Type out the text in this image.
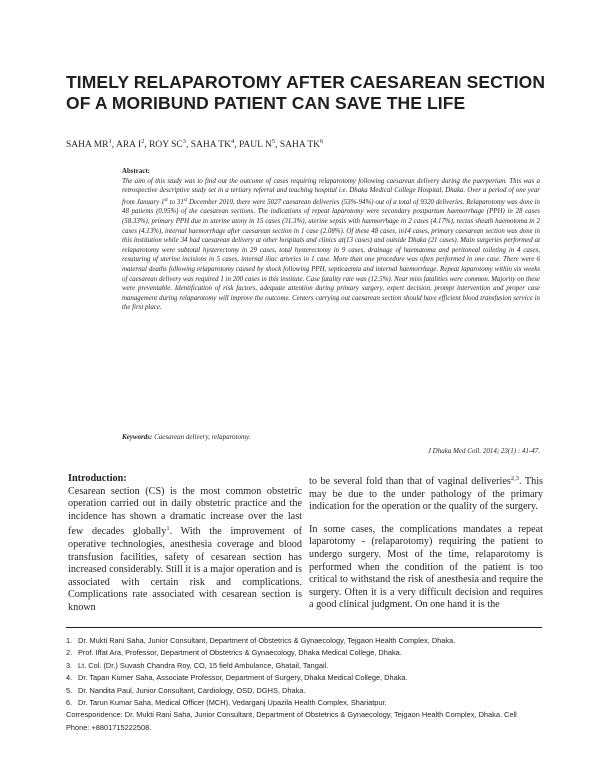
TIMELY RELAPAROTOMY AFTER CAESAREAN SECTION OF A MORIBUND PATIENT CAN SAVE THE LIFE
SAHA $MR^1$, ARA $I^2$, ROY $SC^3$, SAHA $TK^4$, PAUL $N^5$, SAHA $TK^6$
Abstract:
The aim of this study was to find out the outcome of cases requiring relaparotomy following caesarean delivery during the puerperium. This was a retrospective descriptive study set in a tertiary referral and teaching hospital i.e. Dhaka Medical College Hospital, Dhaka. Over a period of one year from January 1st to 31st December 2010, there were 5027 caesarean deliveries (53%-94%) out of a total of 9320 deliveries. Relaparotomy was done in 48 patients (0.95%) of the caesarean sections. The indications of repeat laparotomy were secondary postpartum haemorrhage (PPH) in 28 cases (58.33%), primary PPH due to uterine atony in 15 cases (31.3%), uterine sepsis with haemorrhage in 2 cases (4.17%), rectus sheath haemotoma in 2 cases (4.13%), internal haemorrhage after caesarean section in 1 case (2.08%). Of these 48 cases, in14 cases, primary caesarean section was done in this institution while 34 had caesarean delivery at other hospitals and clinics at(13 cases) and outside Dhaka (21 cases). Main surgeries performed at relaparotomy were subtotal hysterectomy in 29 cases, total hysterectomy in 9 cases, drainage of haematoma and peritoneal toileting in 4 cases, resuturing of uterine incisions in 5 cases, internal iliac arteries in 1 case. More than one procedure was often performed in one case. There were 6 maternal deaths following relaparotomy caused by shock following PPH, septicaemia and internal haemorrhage. Repeat laparotomy within six weeks of caesarean delivery was required 1 in 200 cases in this institute. Case fatality rate was (12.5%). Near miss fatalities were common. Majority on these were preventable. Identification of risk factors, adequate attention during primary surgery, expert decision, prompt intervention and proper case management during relaparotomy will improve the outcome. Centers carrying out caesarean section should have efficient blood transfusion service in the first place.
Keywords: Caesarean delivery, relaparotomy.
J Dhaka Med Coll. 2014; 23(1) : 41-47.
Introduction:

Cesarean section (CS) is the most common obstetric operation carried out in daily obstetric practice and the incidence has shown a dramatic increase over the last few decades globally$^1$. With the improvement of operative technologies, anesthesia coverage and blood transfusion facilities, safety of cesarean section has increased considerably. Still it is a major operation and is associated with certain risk and complications. Complications rate associated with cesarean section is known

to be several fold than that of vaginal deliveries$^{2,3}$. This may be due to the under pathology of the primary indication for the operation or the quality of the surgery.

In some cases, the complications mandates a repeat laparotomy - (relaparotomy) requiring the patient to undergo surgery. Most of the time, relaparotomy is performed when the condition of the patient is too critical to withstand the risk of anesthesia and require the surgery. Often it is a very difficult decision and requires a good clinical judgment. On one hand it is the

1. Dr. Mukti Rani Saha, Junior Consultant, Department of Obstetrics & Gynaecology, Tejgaon Health Complex, Dhaka.
2. Prof. Iffat Ara, Professor, Department of Obstetrics & Gynaecology, Dhaka Medical College, Dhaka.
3. Lt. Col. (Dr.) Suvash Chandra Roy, CO, 15 field Ambulance, Ghatail, Tangail.
4. Dr. Tapan Kumer Saha, Associate Professor, Department of Surgery, Dhaka Medical College, Dhaka.
5. Dr. Nandita Paul, Junior Consultant, Cardiology, OSD, DGHS, Dhaka.
6. Dr. Tarun Kumar Saha, Medical Officer (MCH), Vedarganj Upazila Health Complex, Shariatpur.
Correspondence: Dr. Mukti Rani Saha, Junior Consultant, Department of Obstetrics & Gynaecology, Tejgaon Health Complex, Dhaka. Cell Phone: +8801715222508.
